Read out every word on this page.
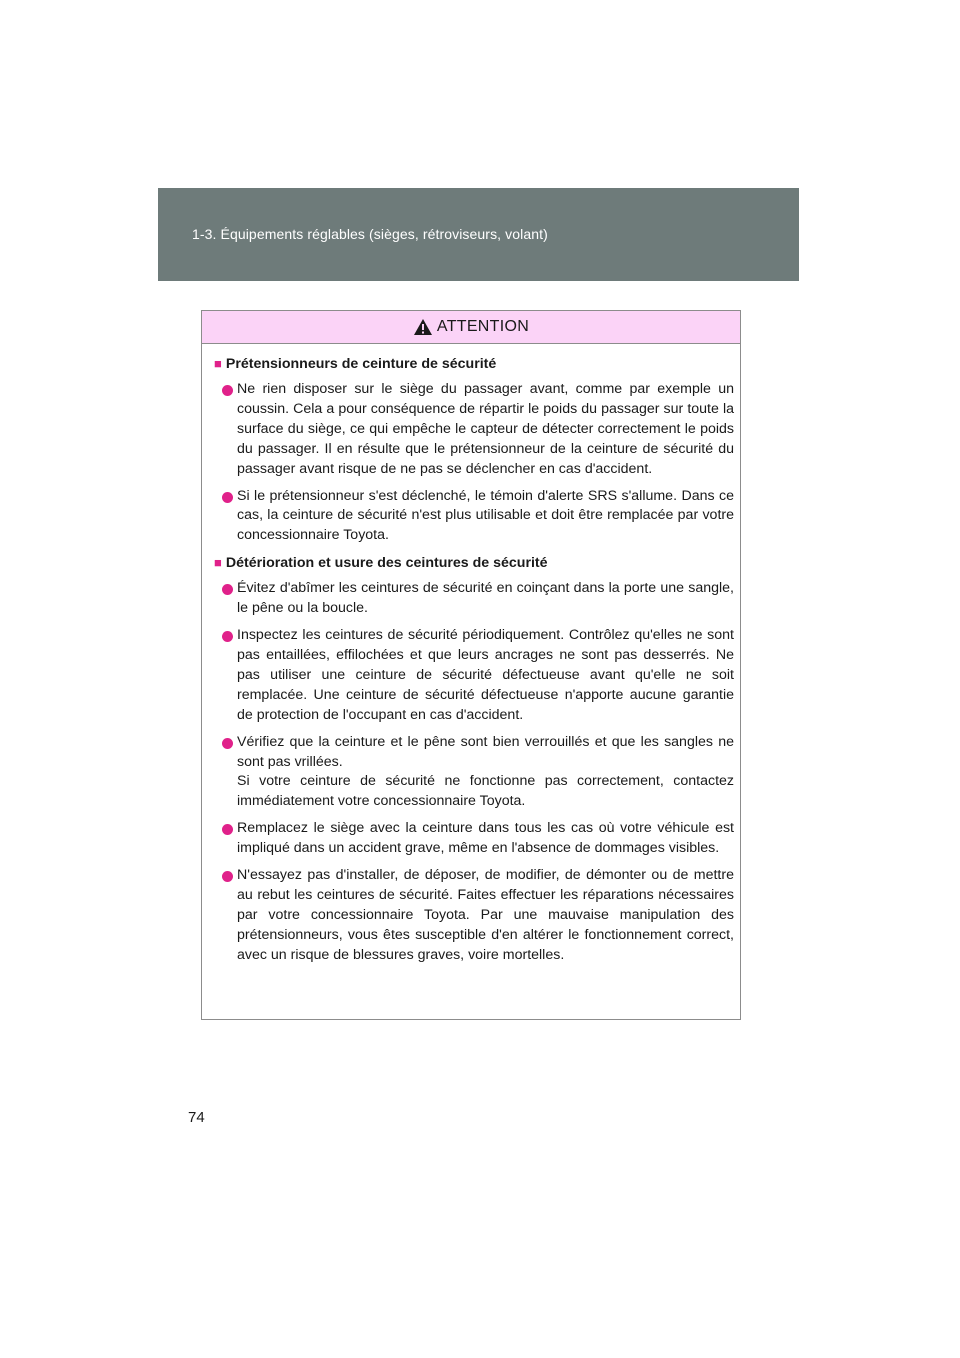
1-3. Équipements réglables (sièges, rétroviseurs, volant)
ATTENTION
■ Prétensionneurs de ceinture de sécurité

Ne rien disposer sur le siège du passager avant, comme par exemple un coussin. Cela a pour conséquence de répartir le poids du passager sur toute la surface du siège, ce qui empêche le capteur de détecter correctement le poids du passager. Il en résulte que le prétensionneur de la ceinture de sécurité du passager avant risque de ne pas se déclencher en cas d'accident.

Si le prétensionneur s'est déclenché, le témoin d'alerte SRS s'allume. Dans ce cas, la ceinture de sécurité n'est plus utilisable et doit être remplacée par votre concessionnaire Toyota.

■ Détérioration et usure des ceintures de sécurité

Évitez d'abîmer les ceintures de sécurité en coinçant dans la porte une sangle, le pêne ou la boucle.

Inspectez les ceintures de sécurité périodiquement. Contrôlez qu'elles ne sont pas entaillées, effilochées et que leurs ancrages ne sont pas desserrés. Ne pas utiliser une ceinture de sécurité défectueuse avant qu'elle ne soit remplacée. Une ceinture de sécurité défectueuse n'apporte aucune garantie de protection de l'occupant en cas d'accident.

Vérifiez que la ceinture et le pêne sont bien verrouillés et que les sangles ne sont pas vrillées.

Si votre ceinture de sécurité ne fonctionne pas correctement, contactez immédiatement votre concessionnaire Toyota.

Remplacez le siège avec la ceinture dans tous les cas où votre véhicule est impliqué dans un accident grave, même en l'absence de dommages visibles.

N'essayez pas d'installer, de déposer, de modifier, de démonter ou de mettre au rebut les ceintures de sécurité. Faites effectuer les réparations nécessaires par votre concessionnaire Toyota. Par une mauvaise manipulation des prétensionneurs, vous êtes susceptible d'en altérer le fonctionnement correct, avec un risque de blessures graves, voire mortelles.

74
